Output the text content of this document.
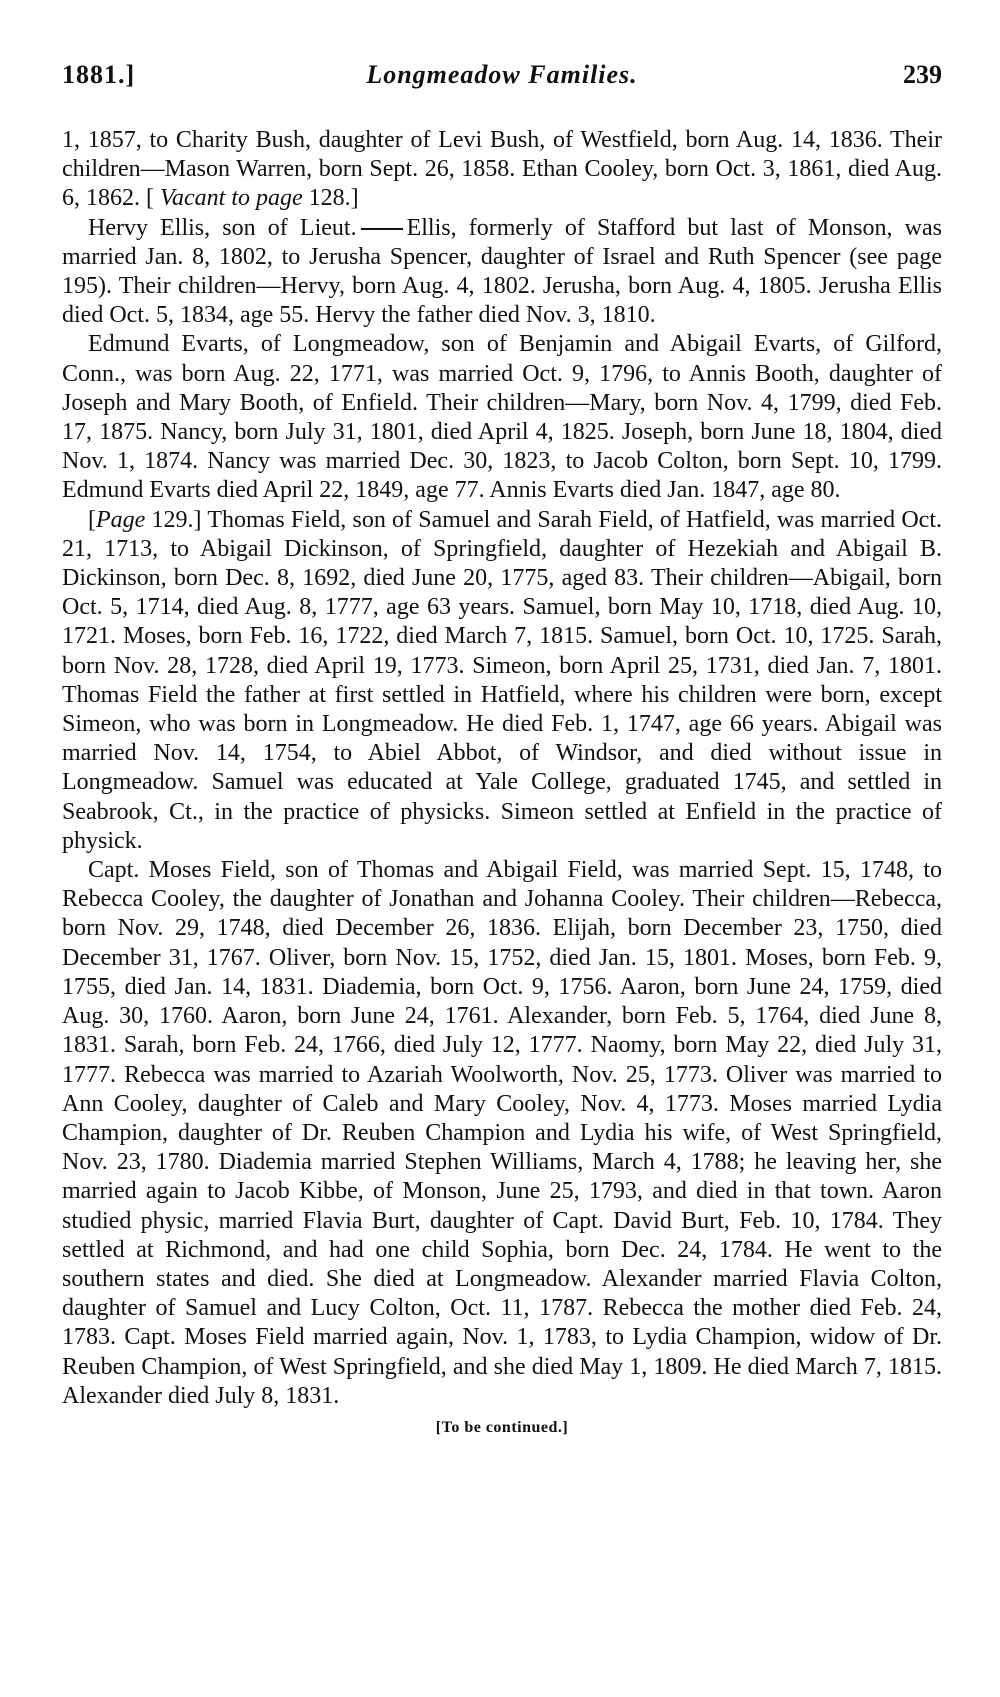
1881.]	Longmeadow Families.	239

1, 1857, to Charity Bush, daughter of Levi Bush, of Westfield, born Aug. 14, 1836. Their children—Mason Warren, born Sept. 26, 1858. Ethan Cooley, born Oct. 3, 1861, died Aug. 6, 1862. [ Vacant to page 128.]

Hervy Ellis, son of Lieut. Ellis, formerly of Stafford but last of Monson, was married Jan. 8, 1802, to Jerusha Spencer, daughter of Israel and Ruth Spencer (see page 195). Their children—Hervy, born Aug. 4, 1802. Jerusha, born Aug. 4, 1805. Jerusha Ellis died Oct. 5, 1834, age 55. Hervy the father died Nov. 3, 1810.

Edmund Evarts, of Longmeadow, son of Benjamin and Abigail Evarts, of Gilford, Conn., was born Aug. 22, 1771, was married Oct. 9, 1796, to Annis Booth, daughter of Joseph and Mary Booth, of Enfield. Their children—Mary, born Nov. 4, 1799, died Feb. 17, 1875. Nancy, born July 31, 1801, died April 4, 1825. Joseph, born June 18, 1804, died Nov. 1, 1874. Nancy was married Dec. 30, 1823, to Jacob Colton, born Sept. 10, 1799. Edmund Evarts died April 22, 1849, age 77. Annis Evarts died Jan. 1847, age 80.

[Page 129.] Thomas Field, son of Samuel and Sarah Field, of Hatfield, was married Oct. 21, 1713, to Abigail Dickinson, of Springfield, daughter of Hezekiah and Abigail B. Dickinson, born Dec. 8, 1692, died June 20, 1775, aged 83. Their children—Abigail, born Oct. 5, 1714, died Aug. 8, 1777, age 63 years. Samuel, born May 10, 1718, died Aug. 10, 1721. Moses, born Feb. 16, 1722, died March 7, 1815. Samuel, born Oct. 10, 1725. Sarah, born Nov. 28, 1728, died April 19, 1773. Simeon, born April 25, 1731, died Jan. 7, 1801. Thomas Field the father at first settled in Hatfield, where his children were born, except Simeon, who was born in Longmeadow. He died Feb. 1, 1747, age 66 years. Abigail was married Nov. 14, 1754, to Abiel Abbot, of Windsor, and died without issue in Longmeadow. Samuel was educated at Yale College, graduated 1745, and settled in Seabrook, Ct., in the practice of physicks. Simeon settled at Enfield in the practice of physick.

Capt. Moses Field, son of Thomas and Abigail Field, was married Sept. 15, 1748, to Rebecca Cooley, the daughter of Jonathan and Johanna Cooley. Their children—Rebecca, born Nov. 29, 1748, died December 26, 1836. Elijah, born December 23, 1750, died December 31, 1767. Oliver, born Nov. 15, 1752, died Jan. 15, 1801. Moses, born Feb. 9, 1755, died Jan. 14, 1831. Diademia, born Oct. 9, 1756. Aaron, born June 24, 1759, died Aug. 30, 1760. Aaron, born June 24, 1761. Alexander, born Feb. 5, 1764, died June 8, 1831. Sarah, born Feb. 24, 1766, died July 12, 1777. Naomy, born May 22, died July 31, 1777. Rebecca was married to Azariah Woolworth, Nov. 25, 1773. Oliver was married to Ann Cooley, daughter of Caleb and Mary Cooley, Nov. 4, 1773. Moses married Lydia Champion, daughter of Dr. Reuben Champion and Lydia his wife, of West Springfield, Nov. 23, 1780. Diademia married Stephen Williams, March 4, 1788; he leaving her, she married again to Jacob Kibbe, of Monson, June 25, 1793, and died in that town. Aaron studied physic, married Flavia Burt, daughter of Capt. David Burt, Feb. 10, 1784. They settled at Richmond, and had one child Sophia, born Dec. 24, 1784. He went to the southern states and died. She died at Longmeadow. Alexander married Flavia Colton, daughter of Samuel and Lucy Colton, Oct. 11, 1787. Rebecca the mother died Feb. 24, 1783. Capt. Moses Field married again, Nov. 1, 1783, to Lydia Champion, widow of Dr. Reuben Champion, of West Springfield, and she died May 1, 1809. He died March 7, 1815. Alexander died July 8, 1831.

[To be continued.]
